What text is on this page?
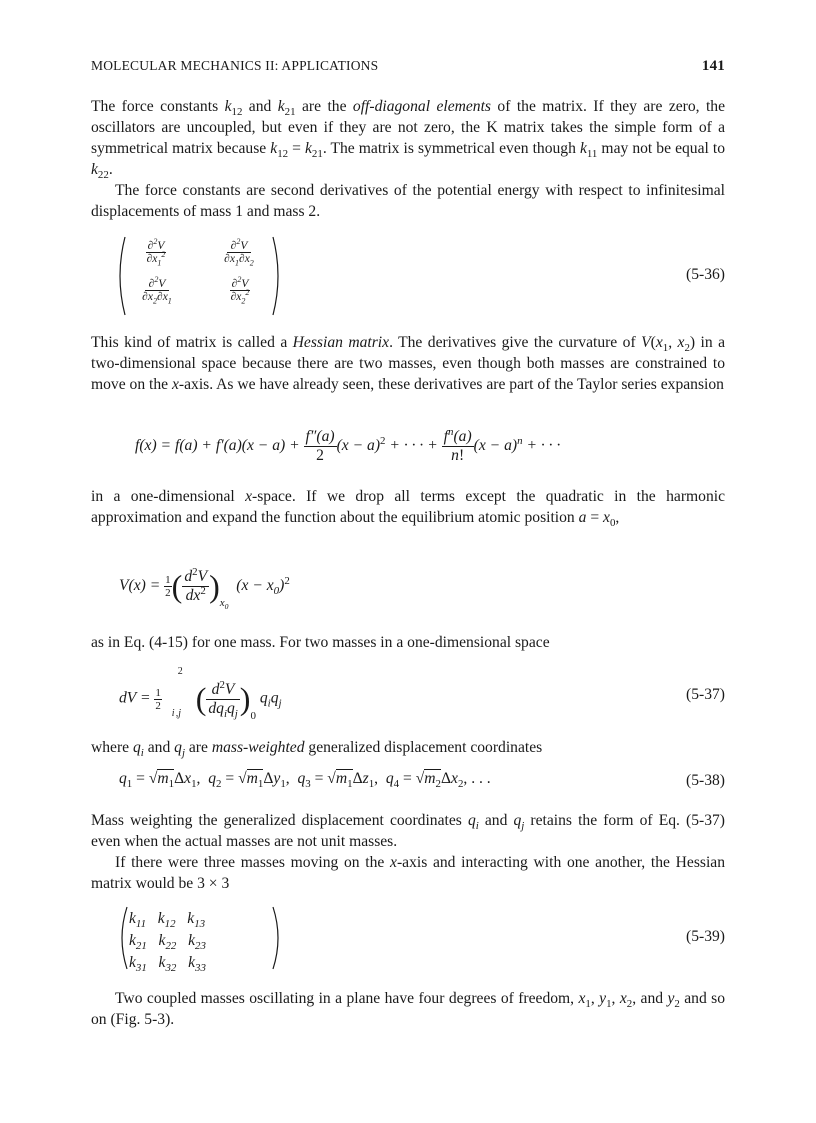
MOLECULAR MECHANICS II: APPLICATIONS	141
The force constants $k_{12}$ and $k_{21}$ are the off-diagonal elements of the matrix. If they are zero, the oscillators are uncoupled, but even if they are not zero, the K matrix takes the simple form of a symmetrical matrix because $k_{12} = k_{21}$. The matrix is symmetrical even though $k_{11}$ may not be equal to $k_{22}$.
The force constants are second derivatives of the potential energy with respect to infinitesimal displacements of mass 1 and mass 2.
∂$^2$V
$\partial x_1^2$
∂$^2$V
$\partial x_1\partial x_2$
∂$^2$V
$\partial x_2\partial x_1$
∂$^2$V
$\partial x_2^2$
(5-36)
This kind of matrix is called a Hessian matrix. The derivatives give the curvature of $V(x_1$, $x_2$) in a two-dimensional space because there are two masses, even though both masses are constrained to move on the x-axis. As we have already seen, these derivatives are part of the Taylor series expansion
$f(x) = f(a) + f'(a)(x - a) + \frac{f''(a)}{2} (x - a)^2$ + · · · + $\frac{f^n(a)}{n!} (x - a)^n$ + · · ·
in a one-dimensional x-space. If we drop all terms except the quadratic in the harmonic approximation and expand the function about the equilibrium atomic position $a = x_0$,
$V(x) = \frac{1}{2}$ ( $\frac{d^2V}{dx^2} )_{x_0}$  $(x - x_0)^2$
as in Eq. (4-15) for one mass. For two masses in a one-dimensional space
dV = $\frac{1}{2}$

2
i ,j ( $\frac{d^2V}{dq_iq_j} )_0$ $q_iq_j$
(5-37)
where $q_i$ and $q_j$ are mass-weighted generalized displacement coordinates
$q_1 = √m_1\Delta x_1$,  $q_2 = √m_1\Delta y_1$,  $q_3 = √m_1\Delta z_1$,  $q_4 = √m_2\Delta x_2$, . . .	(5-38)
Mass weighting the generalized displacement coordinates $q_i$ and $q_j$ retains the form of Eq. (5-37) even when the actual masses are not unit masses.
If there were three masses moving on the x-axis and interacting with one another, the Hessian matrix would be 3 × 3
$k_{11}$ $k_{12}$ $k_{13}$
$k_{21}$ $k_{22}$ $k_{23}$
$k_{31}$ $k_{32}$ $k_{33}$
(5-39)
Two coupled masses oscillating in a plane have four degrees of freedom, $x_1$, $y_1$, $x_2$, and $y_2$ and so on (Fig. 5-3).
